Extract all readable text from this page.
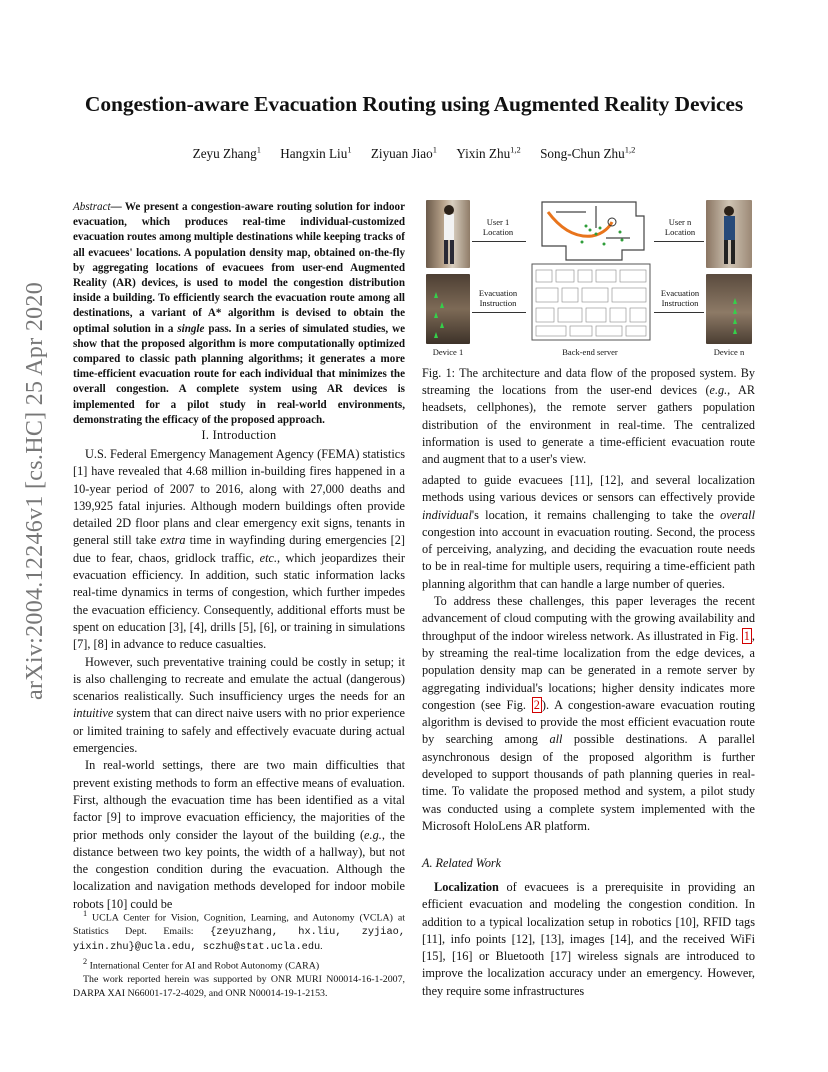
Congestion-aware Evacuation Routing using Augmented Reality Devices
Zeyu Zhang$^1$ Hangxin Liu$^1$ Ziyuan Jiao$^1$ Yixin Zhu$^{1,2}$ Song-Chun Zhu$^{1,2}$
arXiv:2004.12246v1 [cs.HC] 25 Apr 2020
Abstract— We present a congestion-aware routing solution for indoor evacuation, which produces real-time individual-customized evacuation routes among multiple destinations while keeping tracks of all evacuees' locations. A population density map, obtained on-the-fly by aggregating locations of evacuees from user-end Augmented Reality (AR) devices, is used to model the congestion distribution inside a building. To efficiently search the evacuation route among all destinations, a variant of A* algorithm is devised to obtain the optimal solution in a single pass. In a series of simulated studies, we show that the proposed algorithm is more computationally optimized compared to classic path planning algorithms; it generates a more time-efficient evacuation route for each individual that minimizes the overall congestion. A complete system using AR devices is implemented for a pilot study in real-world environments, demonstrating the efficacy of the proposed approach.
I. Introduction

U.S. Federal Emergency Management Agency (FEMA) statistics [1] have revealed that 4.68 million in-building fires happened in a 10-year period of 2007 to 2016, along with 27,000 deaths and 139,925 fatal injuries. Although modern buildings often provide detailed 2D floor plans and clear emergency exit signs, tenants in general still take extra time in wayfinding during emergencies [2] due to fear, chaos, gridlock traffic, etc., which jeopardizes their evacuation efficiency. In addition, such static information lacks real-time dynamics in terms of congestion, which further impedes the evacuation efficiency. Consequently, additional efforts must be spent on education [3], [4], drills [5], [6], or training in simulations [7], [8] in advance to reduce casualties.

However, such preventative training could be costly in setup; it is also challenging to recreate and emulate the actual (dangerous) scenarios realistically. Such insufficiency urges the needs for an intuitive system that can direct naive users with no prior experience or limited training to safely and effectively evacuate during actual emergencies.

In real-world settings, there are two main difficulties that prevent existing methods to form an effective means of evaluation. First, although the evacuation time has been identified as a vital factor [9] to improve evacuation efficiency, the majorities of the prior methods only consider the layout of the building (e.g., the distance between two key points, the width of a hallway), but not the congestion condition during the evacuation. Although the localization and navigation methods developed for indoor mobile robots [10] could be

$^1$ UCLA Center for Vision, Cognition, Learning, and Autonomy (VCLA) at Statistics Dept. Emails: {zeyuzhang, hx.liu, zyjiao, yixin.zhu}@ucla.edu, sczhu@stat.ucla.edu.
$^2$ International Center for AI and Robot Autonomy (CARA)
The work reported herein was supported by ONR MURI N00014-16-1-2007, DARPA XAI N66001-17-2-4029, and ONR N00014-19-1-2153.
User 1
Location
Evacuation
Instruction
User n
Location
Evacuation
Instruction
Device 1	Back-end server	Device n
Fig. 1: The architecture and data flow of the proposed system. By streaming the locations from the user-end devices (e.g., AR headsets, cellphones), the remote server gathers population distribution of the environment in real-time. The centralized information is used to generate a time-efficient evacuation route and augment that to a user's view.

adapted to guide evacuees [11], [12], and several localization methods using various devices or sensors can effectively provide individual's location, it remains challenging to take the overall congestion into account in evacuation routing. Second, the process of perceiving, analyzing, and deciding the evacuation route needs to be in real-time for multiple users, requiring a time-efficient path planning algorithm that can handle a large number of queries.

To address these challenges, this paper leverages the recent advancement of cloud computing with the growing availability and throughput of the indoor wireless network. As illustrated in Fig. 1 , by streaming the real-time localization from the edge devices, a population density map can be generated in a remote server by aggregating individual's locations; higher density indicates more congestion (see Fig. 2 ). A congestion-aware evacuation routing algorithm is devised to provide the most efficient evacuation route by searching among all possible destinations. A parallel asynchronous design of the proposed algorithm is further developed to support thousands of path planning queries in real-time. To validate the proposed method and system, a pilot study was conducted using a complete system implemented with the Microsoft HoloLens AR platform.

A. Related Work

Localization of evacuees is a prerequisite in providing an efficient evacuation and modeling the congestion condition. In addition to a typical localization setup in robotics [10], RFID tags [11], info points [12], [13], images [14], and the received WiFi [15], [16] or Bluetooth [17] wireless signals are introduced to improve the localization accuracy under an emergency. However, they require some infrastructures
